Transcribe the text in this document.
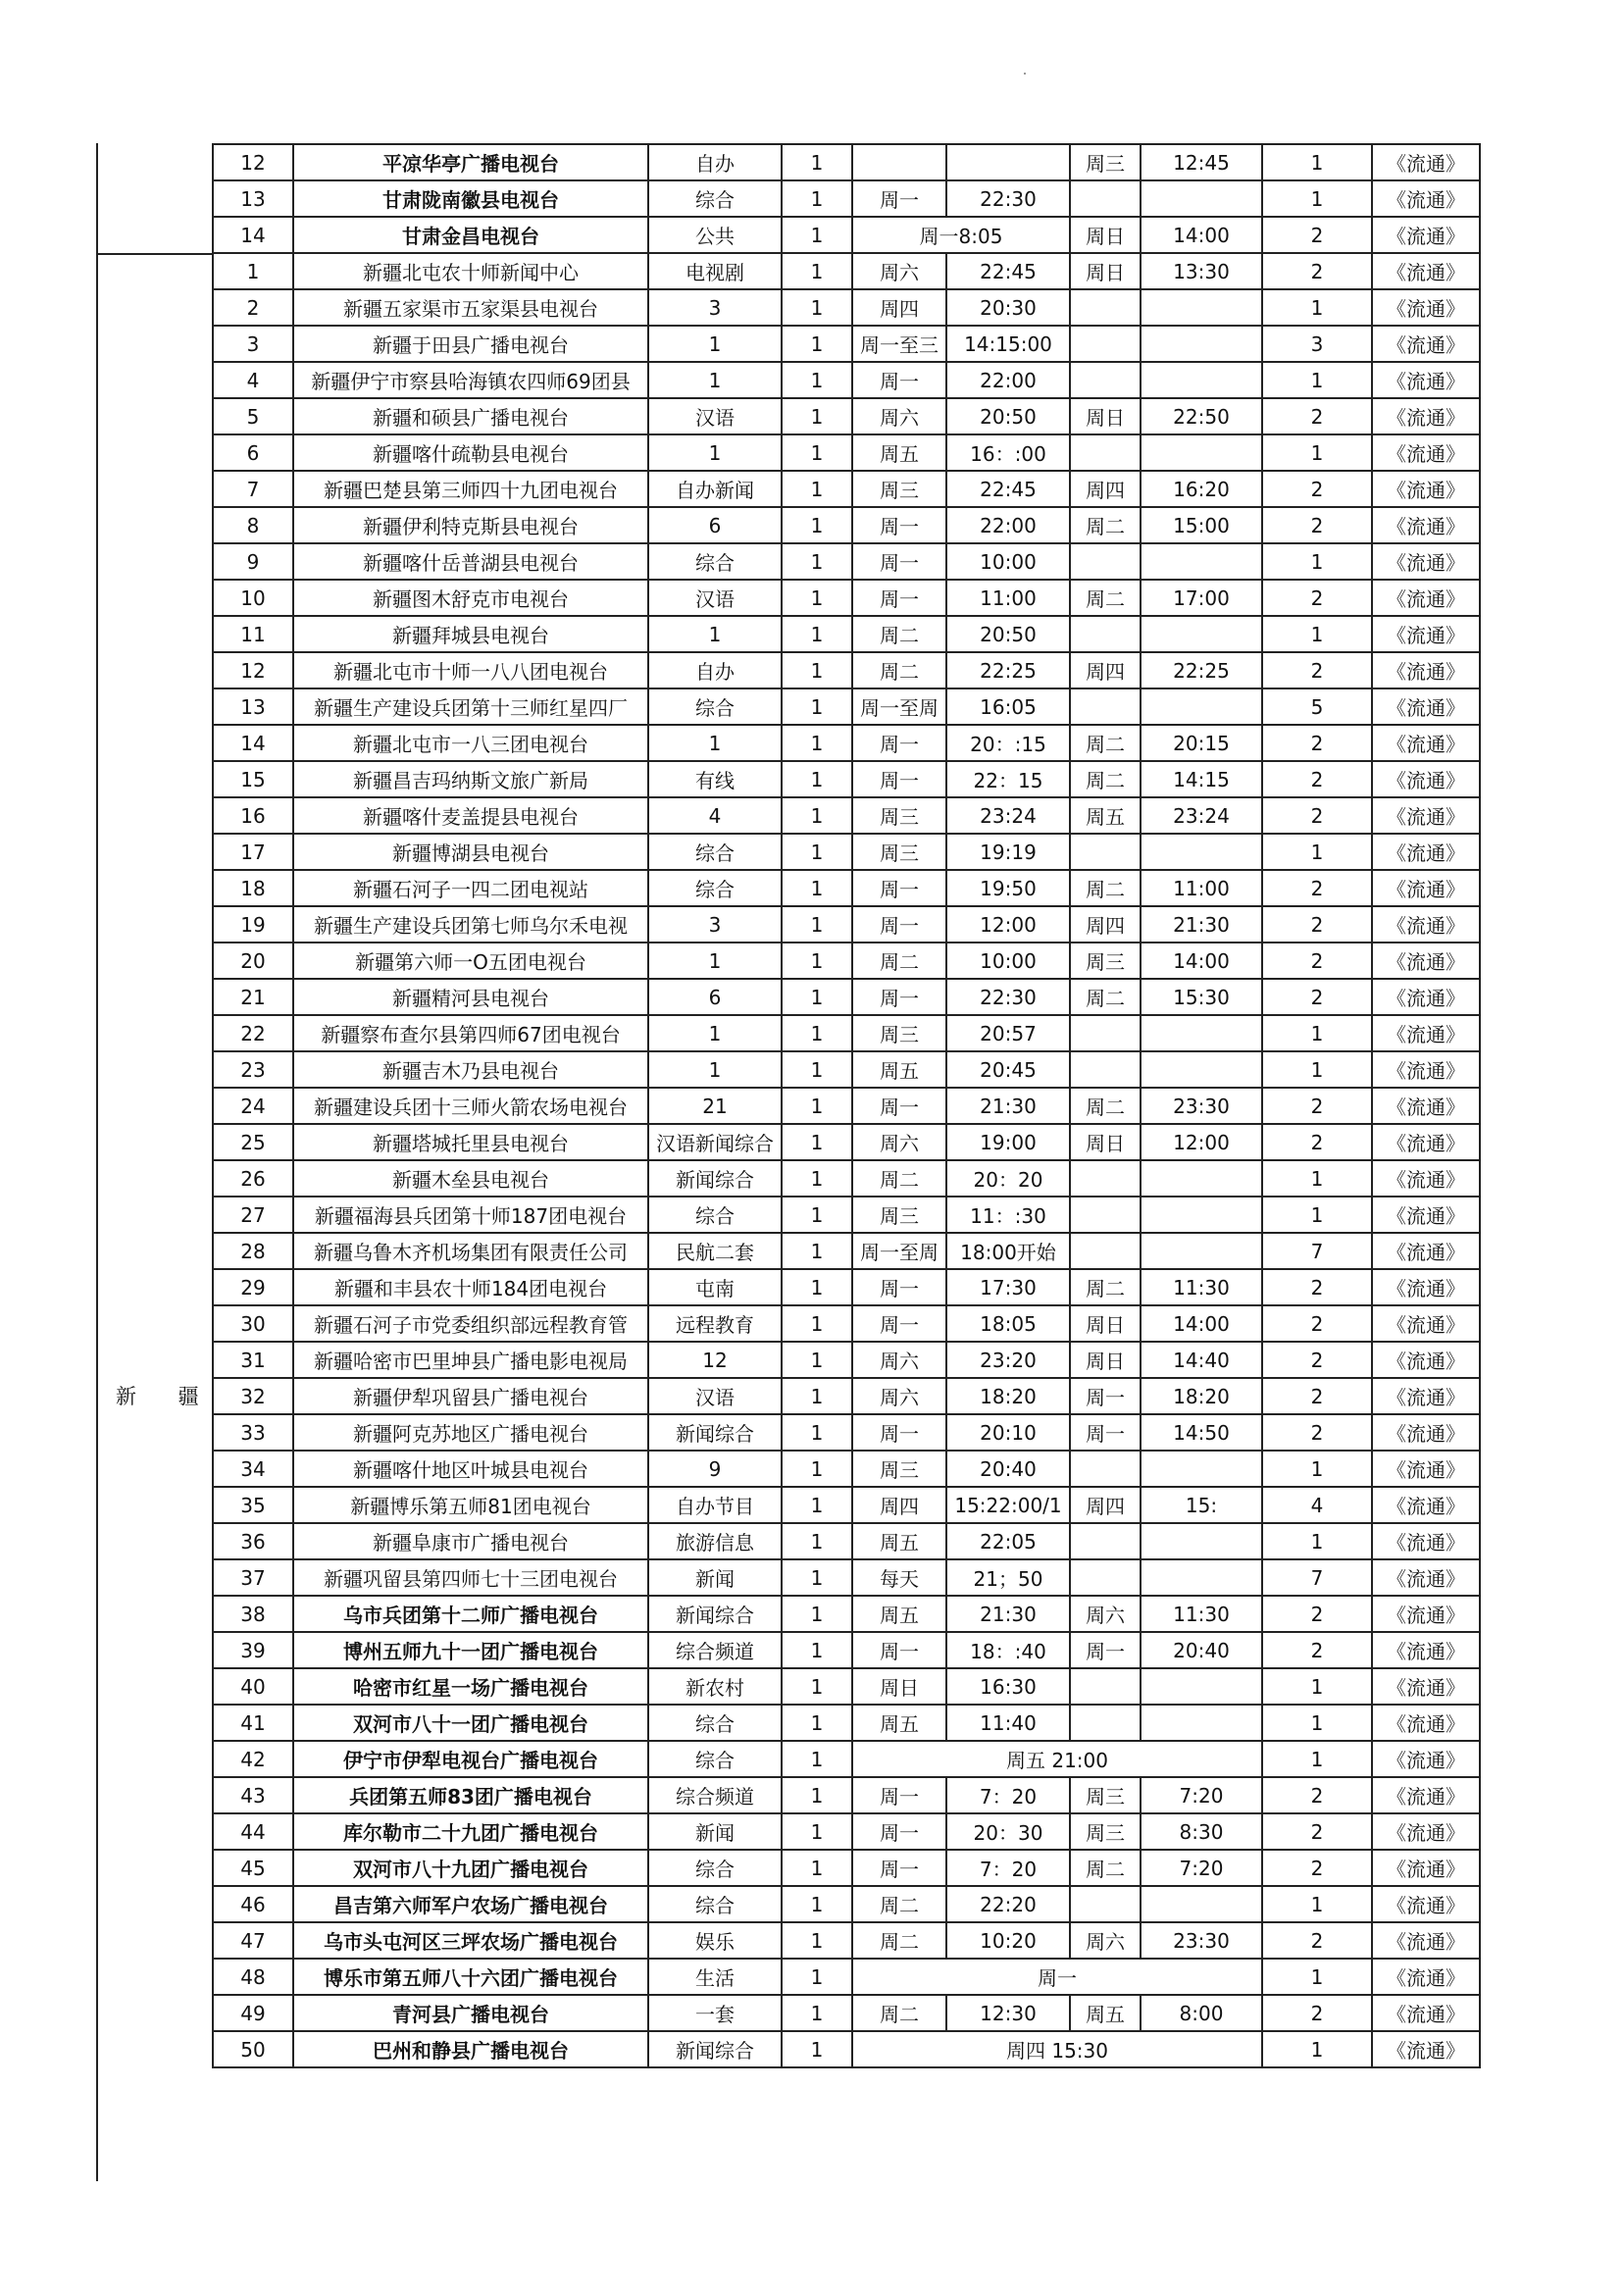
新 疆
12	平凉华亭广播电视台	自办	1			周三	12:45	1	《流通》
13	甘肃陇南徽县电视台	综合	1	周一	22:30			1	《流通》
14	甘肃金昌电视台	公共	1	周一8:05		周日	14:00	2	《流通》
1	新疆北屯农十师新闻中心	电视剧	1	周六	22:45	周日	13:30	2	《流通》
2	新疆五家渠市五家渠县电视台	3	1	周四	20:30			1	《流通》
3	新疆于田县广播电视台	1	1	周一至三	14:15:00			3	《流通》
4	新疆伊宁市察县哈海镇农四师69团县	1	1	周一	22:00			1	《流通》
5	新疆和硕县广播电视台	汉语	1	周六	20:50	周日	22:50	2	《流通》
6	新疆喀什疏勒县电视台	1	1	周五	16：:00			1	《流通》
7	新疆巴楚县第三师四十九团电视台	自办新闻	1	周三	22:45	周四	16:20	2	《流通》
8	新疆伊利特克斯县电视台	6	1	周一	22:00	周二	15:00	2	《流通》
9	新疆喀什岳普湖县电视台	综合	1	周一	10:00			1	《流通》
10	新疆图木舒克市电视台	汉语	1	周一	11:00	周二	17:00	2	《流通》
11	新疆拜城县电视台	1	1	周二	20:50			1	《流通》
12	新疆北屯市十师一八八团电视台	自办	1	周二	22:25	周四	22:25	2	《流通》
13	新疆生产建设兵团第十三师红星四厂	综合	1	周一至周	16:05			5	《流通》
14	新疆北屯市一八三团电视台	1	1	周一	20：:15	周二	20:15	2	《流通》
15	新疆昌吉玛纳斯文旅广新局	有线	1	周一	22：15	周二	14:15	2	《流通》
16	新疆喀什麦盖提县电视台	4	1	周三	23:24	周五	23:24	2	《流通》
17	新疆博湖县电视台	综合	1	周三	19:19			1	《流通》
18	新疆石河子一四二团电视站	综合	1	周一	19:50	周二	11:00	2	《流通》
19	新疆生产建设兵团第七师乌尔禾电视	3	1	周一	12:00	周四	21:30	2	《流通》
20	新疆第六师一O五团电视台	1	1	周二	10:00	周三	14:00	2	《流通》
21	新疆精河县电视台	6	1	周一	22:30	周二	15:30	2	《流通》
22	新疆察布查尔县第四师67团电视台	1	1	周三	20:57			1	《流通》
23	新疆吉木乃县电视台	1	1	周五	20:45			1	《流通》
24	新疆建设兵团十三师火箭农场电视台	21	1	周一	21:30	周二	23:30	2	《流通》
25	新疆塔城托里县电视台	汉语新闻综合	1	周六	19:00	周日	12:00	2	《流通》
26	新疆木垒县电视台	新闻综合	1	周二	20：20			1	《流通》
27	新疆福海县兵团第十师187团电视台	综合	1	周三	11：:30			1	《流通》
28	新疆乌鲁木齐机场集团有限责任公司	民航二套	1	周一至周	18:00开始			7	《流通》
29	新疆和丰县农十师184团电视台	屯南	1	周一	17:30	周二	11:30	2	《流通》
30	新疆石河子市党委组织部远程教育管	远程教育	1	周一	18:05	周日	14:00	2	《流通》
31	新疆哈密市巴里坤县广播电影电视局	12	1	周六	23:20	周日	14:40	2	《流通》
32	新疆伊犁巩留县广播电视台	汉语	1	周六	18:20	周一	18:20	2	《流通》
33	新疆阿克苏地区广播电视台	新闻综合	1	周一	20:10	周一	14:50	2	《流通》
34	新疆喀什地区叶城县电视台	9	1	周三	20:40			1	《流通》
35	新疆博乐第五师81团电视台	自办节目	1	周四	15:22:00/1	周四	15:	4	《流通》
36	新疆阜康市广播电视台	旅游信息	1	周五	22:05			1	《流通》
37	新疆巩留县第四师七十三团电视台	新闻	1	每天	21；50			7	《流通》
38	乌市兵团第十二师广播电视台	新闻综合	1	周五	21:30	周六	11:30	2	《流通》
39	博州五师九十一团广播电视台	综合频道	1	周一	18：:40	周一	20:40	2	《流通》
40	哈密市红星一场广播电视台	新农村	1	周日	16:30			1	《流通》
41	双河市八十一团广播电视台	综合	1	周五	11:40			1	《流通》
42	伊宁市伊犁电视台广播电视台	综合	1	周五 21:00				1	《流通》
43	兵团第五师83团广播电视台	综合频道	1	周一	7：20	周三	7:20	2	《流通》
44	库尔勒市二十九团广播电视台	新闻	1	周一	20：30	周三	8:30	2	《流通》
45	双河市八十九团广播电视台	综合	1	周一	7：20	周二	7:20	2	《流通》
46	昌吉第六师军户农场广播电视台	综合	1	周二	22:20			1	《流通》
47	乌市头屯河区三坪农场广播电视台	娱乐	1	周二	10:20	周六	23:30	2	《流通》
48	博乐市第五师八十六团广播电视台	生活	1	周一				1	《流通》
49	青河县广播电视台	一套	1	周二	12:30	周五	8:00	2	《流通》
50	巴州和静县广播电视台	新闻综合	1	周四 15:30				1	《流通》
